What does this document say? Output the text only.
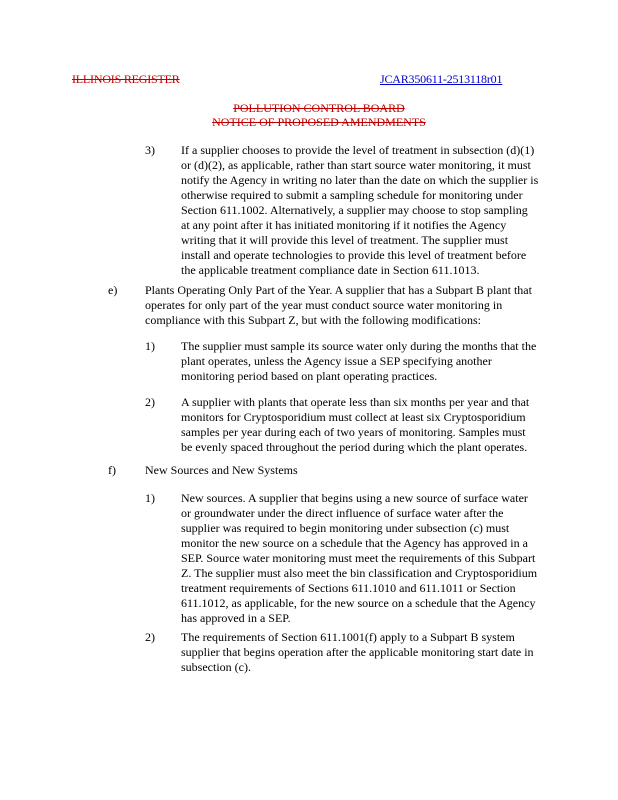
ILLINOIS REGISTER	JCAR350611-2513118r01
POLLUTION CONTROL BOARD
NOTICE OF PROPOSED AMENDMENTS
3) If a supplier chooses to provide the level of treatment in subsection (d)(1)
or (d)(2), as applicable, rather than start source water monitoring, it must
notify the Agency in writing no later than the date on which the supplier is
otherwise required to submit a sampling schedule for monitoring under
Section 611.1002. Alternatively, a supplier may choose to stop sampling
at any point after it has initiated monitoring if it notifies the Agency
writing that it will provide this level of treatment. The supplier must
install and operate technologies to provide this level of treatment before
the applicable treatment compliance date in Section 611.1013.
e) Plants Operating Only Part of the Year. A supplier that has a Subpart B plant that
operates for only part of the year must conduct source water monitoring in
compliance with this Subpart Z, but with the following modifications:
1) The supplier must sample its source water only during the months that the
plant operates, unless the Agency issue a SEP specifying another
monitoring period based on plant operating practices.
2) A supplier with plants that operate less than six months per year and that
monitors for Cryptosporidium must collect at least six Cryptosporidium
samples per year during each of two years of monitoring. Samples must
be evenly spaced throughout the period during which the plant operates.
f) New Sources and New Systems
1) New sources. A supplier that begins using a new source of surface water
or groundwater under the direct influence of surface water after the
supplier was required to begin monitoring under subsection (c) must
monitor the new source on a schedule that the Agency has approved in a
SEP. Source water monitoring must meet the requirements of this Subpart
Z. The supplier must also meet the bin classification and Cryptosporidium
treatment requirements of Sections 611.1010 and 611.1011 or Section
611.1012, as applicable, for the new source on a schedule that the Agency
has approved in a SEP.
2) The requirements of Section 611.1001(f) apply to a Subpart B system
supplier that begins operation after the applicable monitoring start date in
subsection (c).
